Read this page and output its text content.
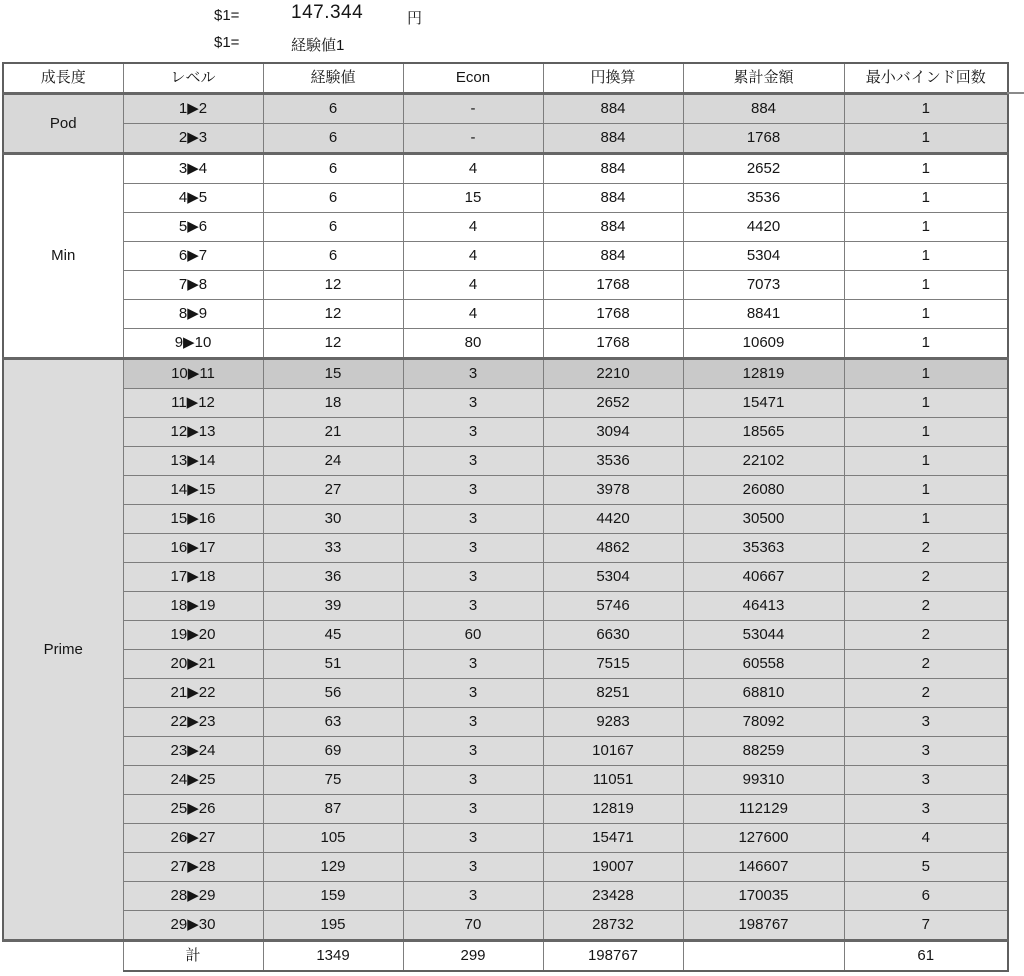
$1=	147.344	円
$1=	経験値1
成長度	レベル	経験値	Econ	円換算	累計金額	最小バインド回数
Pod	1▶2	6	-	884	884	1
	2▶3	6	-	884	1768	1
Min	3▶4	6	4	884	2652	1
	4▶5	6	15	884	3536	1
	5▶6	6	4	884	4420	1
	6▶7	6	4	884	5304	1
	7▶8	12	4	1768	7073	1
	8▶9	12	4	1768	8841	1
	9▶10	12	80	1768	10609	1
Prime	10▶11	15	3	2210	12819	1
	11▶12	18	3	2652	15471	1
	12▶13	21	3	3094	18565	1
	13▶14	24	3	3536	22102	1
	14▶15	27	3	3978	26080	1
	15▶16	30	3	4420	30500	1
	16▶17	33	3	4862	35363	2
	17▶18	36	3	5304	40667	2
	18▶19	39	3	5746	46413	2
	19▶20	45	60	6630	53044	2
	20▶21	51	3	7515	60558	2
	21▶22	56	3	8251	68810	2
	22▶23	63	3	9283	78092	3
	23▶24	69	3	10167	88259	3
	24▶25	75	3	11051	99310	3
	25▶26	87	3	12819	112129	3
	26▶27	105	3	15471	127600	4
	27▶28	129	3	19007	146607	5
	28▶29	159	3	23428	170035	6
	29▶30	195	70	28732	198767	7
	計	1349	299	198767		61
